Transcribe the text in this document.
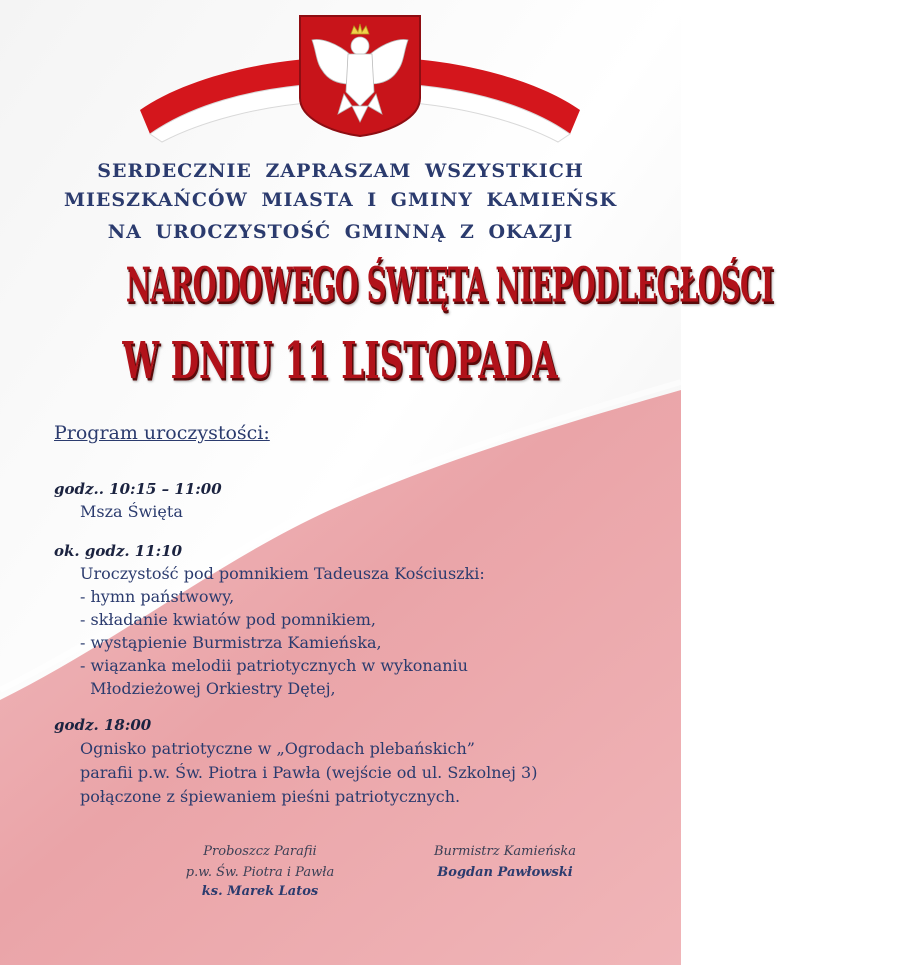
SERDECZNIE ZAPRASZAM WSZYSTKICH
MIESZKAŃCÓW MIASTA I GMINY KAMIEŃSK
NA UROCZYSTOŚĆ GMINNĄ Z OKAZJI
NARODOWEGO ŚWIĘTA NIEPODLEGŁOŚCI
W DNIU 11 LISTOPADA
Program uroczystości:
godz.. 10:15 – 11:00
Msza Święta
ok. godz. 11:10
Uroczystość pod pomnikiem Tadeusza Kościuszki:
- hymn państwowy,
- składanie kwiatów pod pomnikiem,
- wystąpienie Burmistrza Kamieńska,
- wiązanka melodii patriotycznych w wykonaniu
Młodzieżowej Orkiestry Dętej,
godz. 18:00
Ognisko patriotyczne w „Ogrodach plebańskich”
parafii p.w. Św. Piotra i Pawła (wejście od ul. Szkolnej 3)
połączone z śpiewaniem pieśni patriotycznych.
Proboszcz Parafii
p.w. Św. Piotra i Pawła
ks. Marek Latos
Burmistrz Kamieńska
Bogdan Pawłowski
